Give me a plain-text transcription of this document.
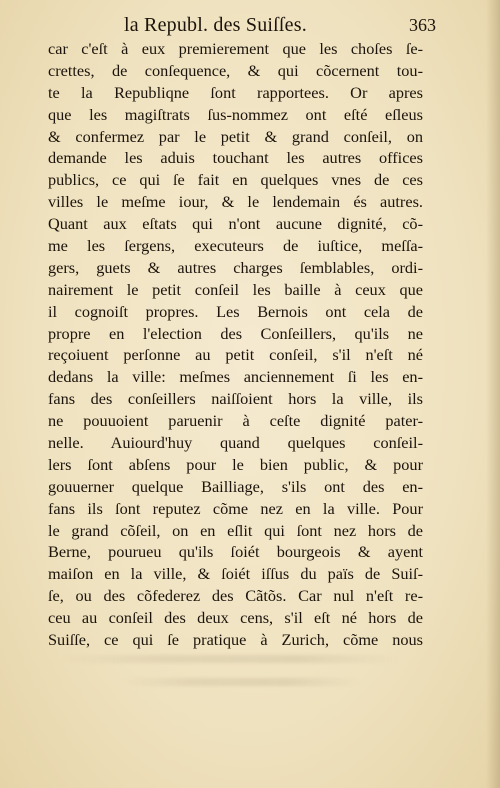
la Republ. des Suiſſes.	363
car c'eſt à eux premierement que les choſes ſe-
crettes, de conſequence, & qui cõcernent tou-
te la Republiqne ſont rapportees. Or apres
que les magiſtrats ſus-nommez ont eſté eſleus
& confermez par le petit & grand conſeil, on
demande les aduis touchant les autres offices
publics, ce qui ſe fait en quelques vnes de ces
villes le meſme iour, & le lendemain és autres.
Quant aux eſtats qui n'ont aucune dignité, cõ-
me les ſergens, executeurs de iuſtice, meſſa-
gers, guets & autres charges ſemblables, ordi-
nairement le petit conſeil les baille à ceux que
il cognoiſt propres. Les Bernois ont cela de
propre en l'election des Conſeillers, qu'ils ne
reçoiuent perſonne au petit conſeil, s'il n'eſt né
dedans la ville: meſmes anciennement ſi les en-
fans des conſeillers naiſſoient hors la ville, ils
ne pouuoient paruenir à ceſte dignité pater-
nelle. Auiourd'huy quand quelques conſeil-
lers ſont abſens pour le bien public, & pour
gouuerner quelque Bailliage, s'ils ont des en-
fans ils ſont reputez cõme nez en la ville. Pour
le grand cõſeil, on en eſlit qui ſont nez hors de
Berne, pourueu qu'ils ſoiét bourgeois & ayent
maiſon en la ville, & ſoiét iſſus du païs de Suiſ-
ſe, ou des cõfederez des Cãtõs. Car nul n'eſt re-
ceu au conſeil des deux cens, s'il eſt né hors de
Suiſſe, ce qui ſe pratique à Zurich, cõme nous
